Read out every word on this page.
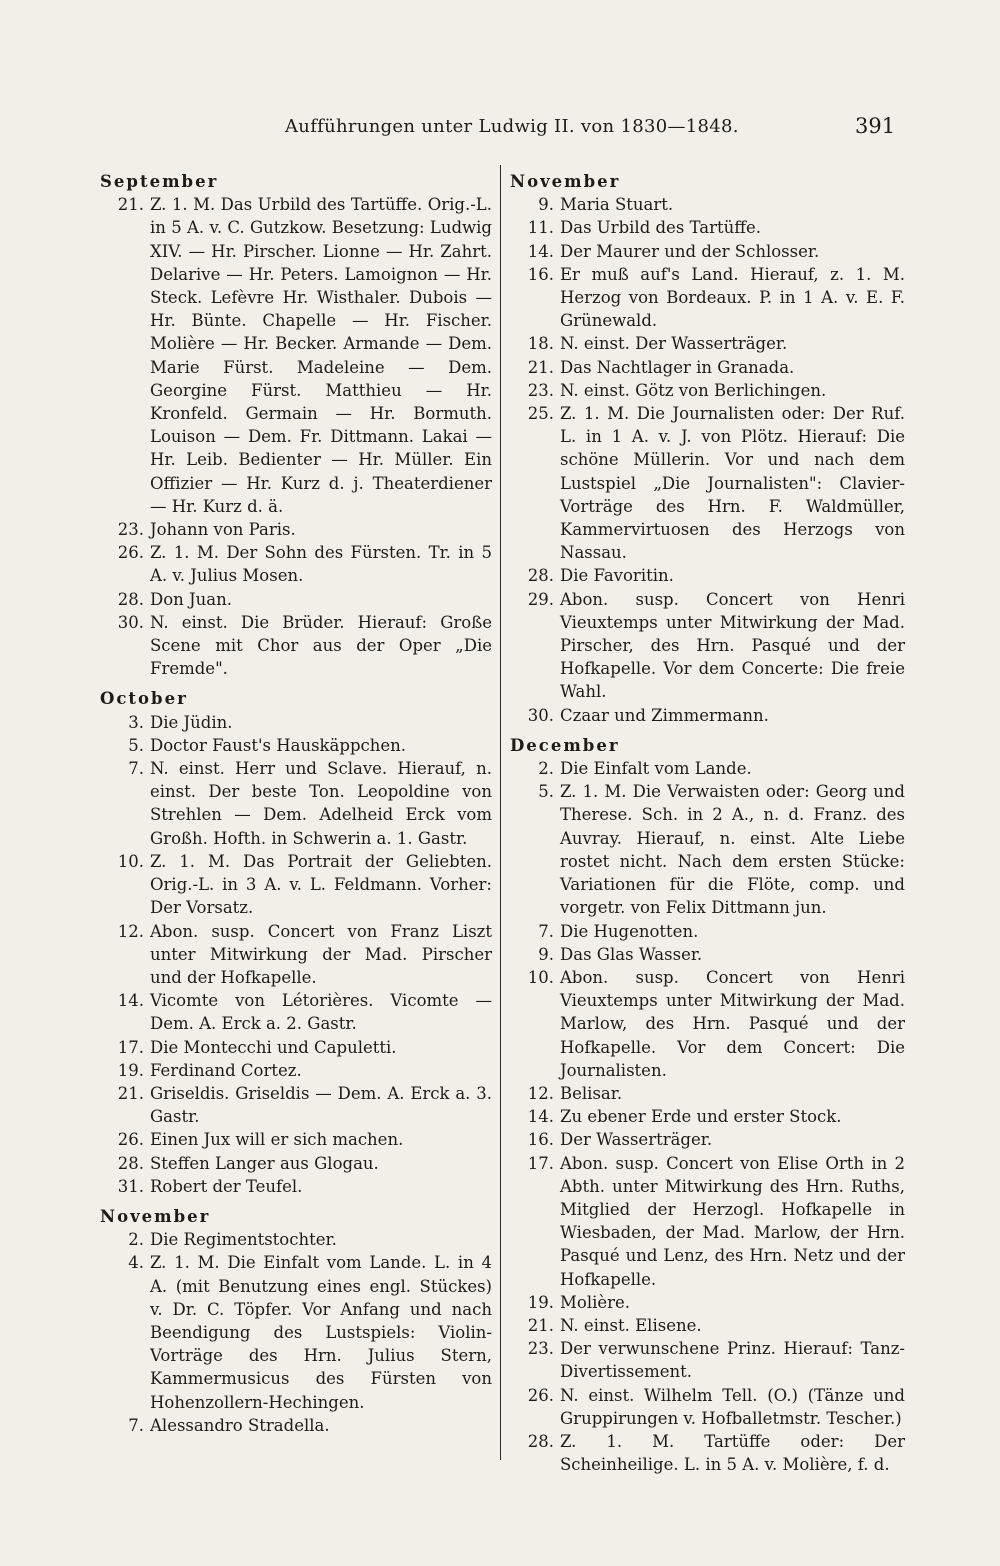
Aufführungen unter Ludwig II. von 1830—1848.	391
September
21. Z. 1. M. Das Urbild des Tartüffe. Orig.-L. in 5 A. v. C. Gutzkow. Besetzung: Ludwig XIV. — Hr. Pirscher. Lionne — Hr. Zahrt. Delarive — Hr. Peters. Lamoignon — Hr. Steck. Lefèvre Hr. Wisthaler. Dubois — Hr. Bünte. Chapelle — Hr. Fischer. Molière — Hr. Becker. Armande — Dem. Marie Fürst. Madeleine — Dem. Georgine Fürst. Matthieu — Hr. Kronfeld. Germain — Hr. Bormuth. Louison — Dem. Fr. Dittmann. Lakai — Hr. Leib. Bedienter — Hr. Müller. Ein Offizier — Hr. Kurz d. j. Theaterdiener — Hr. Kurz d. ä.
23. Johann von Paris.
26. Z. 1. M. Der Sohn des Fürsten. Tr. in 5 A. v. Julius Mosen.
28. Don Juan.
30. N. einst. Die Brüder. Hierauf: Große Scene mit Chor aus der Oper „Die Fremde".
October
3. Die Jüdin.
5. Doctor Faust's Hauskäppchen.
7. N. einst. Herr und Sclave. Hierauf, n. einst. Der beste Ton. Leopoldine von Strehlen — Dem. Adelheid Erck vom Großh. Hofth. in Schwerin a. 1. Gastr.
10. Z. 1. M. Das Portrait der Geliebten. Orig.-L. in 3 A. v. L. Feldmann. Vorher: Der Vorsatz.
12. Abon. susp. Concert von Franz Liszt unter Mitwirkung der Mad. Pirscher und der Hofkapelle.
14. Vicomte von Létorières. Vicomte — Dem. A. Erck a. 2. Gastr.
17. Die Montecchi und Capuletti.
19. Ferdinand Cortez.
21. Griseldis. Griseldis — Dem. A. Erck a. 3. Gastr.
26. Einen Jux will er sich machen.
28. Steffen Langer aus Glogau.
31. Robert der Teufel.
November
2. Die Regimentstochter.
4. Z. 1. M. Die Einfalt vom Lande. L. in 4 A. (mit Benutzung eines engl. Stückes) v. Dr. C. Töpfer. Vor Anfang und nach Beendigung des Lustspiels: Violin-Vorträge des Hrn. Julius Stern, Kammermusicus des Fürsten von Hohenzollern-Hechingen.
7. Alessandro Stradella.
November
9. Maria Stuart.
11. Das Urbild des Tartüffe.
14. Der Maurer und der Schlosser.
16. Er muß auf's Land. Hierauf, z. 1. M. Herzog von Bordeaux. P. in 1 A. v. E. F. Grünewald.
18. N. einst. Der Wasserträger.
21. Das Nachtlager in Granada.
23. N. einst. Götz von Berlichingen.
25. Z. 1. M. Die Journalisten oder: Der Ruf. L. in 1 A. v. J. von Plötz. Hierauf: Die schöne Müllerin. Vor und nach dem Lustspiel „Die Journalisten": Clavier-Vorträge des Hrn. F. Waldmüller, Kammervirtuosen des Herzogs von Nassau.
28. Die Favoritin.
29. Abon. susp. Concert von Henri Vieuxtemps unter Mitwirkung der Mad. Pirscher, des Hrn. Pasqué und der Hofkapelle. Vor dem Concerte: Die freie Wahl.
30. Czaar und Zimmermann.
December
2. Die Einfalt vom Lande.
5. Z. 1. M. Die Verwaisten oder: Georg und Therese. Sch. in 2 A., n. d. Franz. des Auvray. Hierauf, n. einst. Alte Liebe rostet nicht. Nach dem ersten Stücke: Variationen für die Flöte, comp. und vorgetr. von Felix Dittmann jun.
7. Die Hugenotten.
9. Das Glas Wasser.
10. Abon. susp. Concert von Henri Vieuxtemps unter Mitwirkung der Mad. Marlow, des Hrn. Pasqué und der Hofkapelle. Vor dem Concert: Die Journalisten.
12. Belisar.
14. Zu ebener Erde und erster Stock.
16. Der Wasserträger.
17. Abon. susp. Concert von Elise Orth in 2 Abth. unter Mitwirkung des Hrn. Ruths, Mitglied der Herzogl. Hofkapelle in Wiesbaden, der Mad. Marlow, der Hrn. Pasqué und Lenz, des Hrn. Netz und der Hofkapelle.
19. Molière.
21. N. einst. Elisene.
23. Der verwunschene Prinz. Hierauf: Tanz-Divertissement.
26. N. einst. Wilhelm Tell. (O.) (Tänze und Gruppirungen v. Hofballetmstr. Tescher.)
28. Z. 1. M. Tartüffe oder: Der Scheinheilige. L. in 5 A. v. Molière, f. d.
